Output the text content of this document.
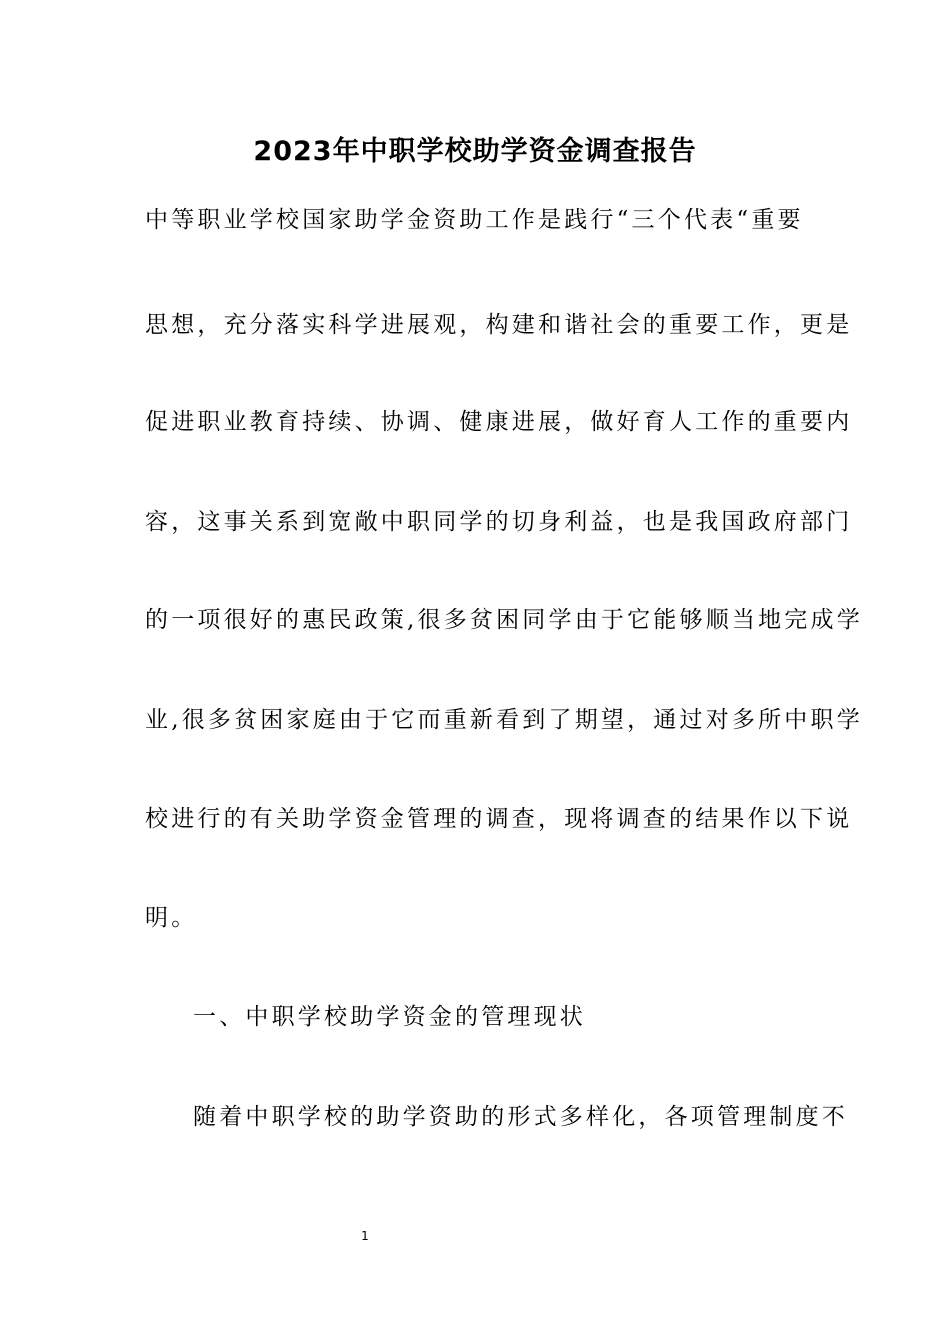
2023年中职学校助学资金调查报告
中等职业学校国家助学金资助工作是践行“三个代表“重要
思想，充分落实科学进展观，构建和谐社会的重要工作，更是
促进职业教育持续、协调、健康进展，做好育人工作的重要内
容，这事关系到宽敞中职同学的切身利益，也是我国政府部门
的一项很好的惠民政策,很多贫困同学由于它能够顺当地完成学
业,很多贫困家庭由于它而重新看到了期望，通过对多所中职学
校进行的有关助学资金管理的调查，现将调查的结果作以下说
明。
一、中职学校助学资金的管理现状
随着中职学校的助学资助的形式多样化，各项管理制度不
1
